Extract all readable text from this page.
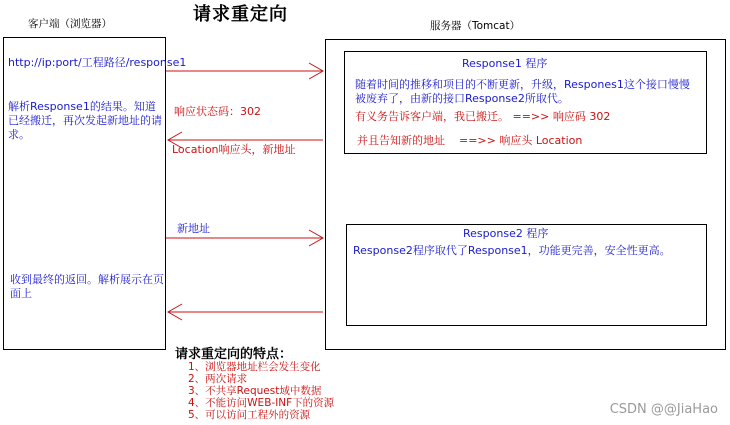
请求重定向
客户端（浏览器）	服务器（Tomcat）
Response1 程序
随着时间的推移和项目的不断更新，升级，Respones1这个接口慢慢被废弃了，由新的接口Response2所取代。
有义务告诉客户端，我已搬迁。 ==>> 响应码 302
并且告知新的地址    ==>> 响应头 Location
Response2 程序
Response2程序取代了Response1，功能更完善，安全性更高。
http://ip:port/工程路径/response1
解析Response1的结果。知道已经搬迁，再次发起新地址的请求。
收到最终的返回。解析展示在页面上
响应状态码：302
Location响应头，新地址
新地址
请求重定向的特点：
1、浏览器地址栏会发生变化
2、两次请求
3、不共享Request域中数据
4、不能访问WEB-INF下的资源
5、可以访问工程外的资源	CSDN @@JiaHao
